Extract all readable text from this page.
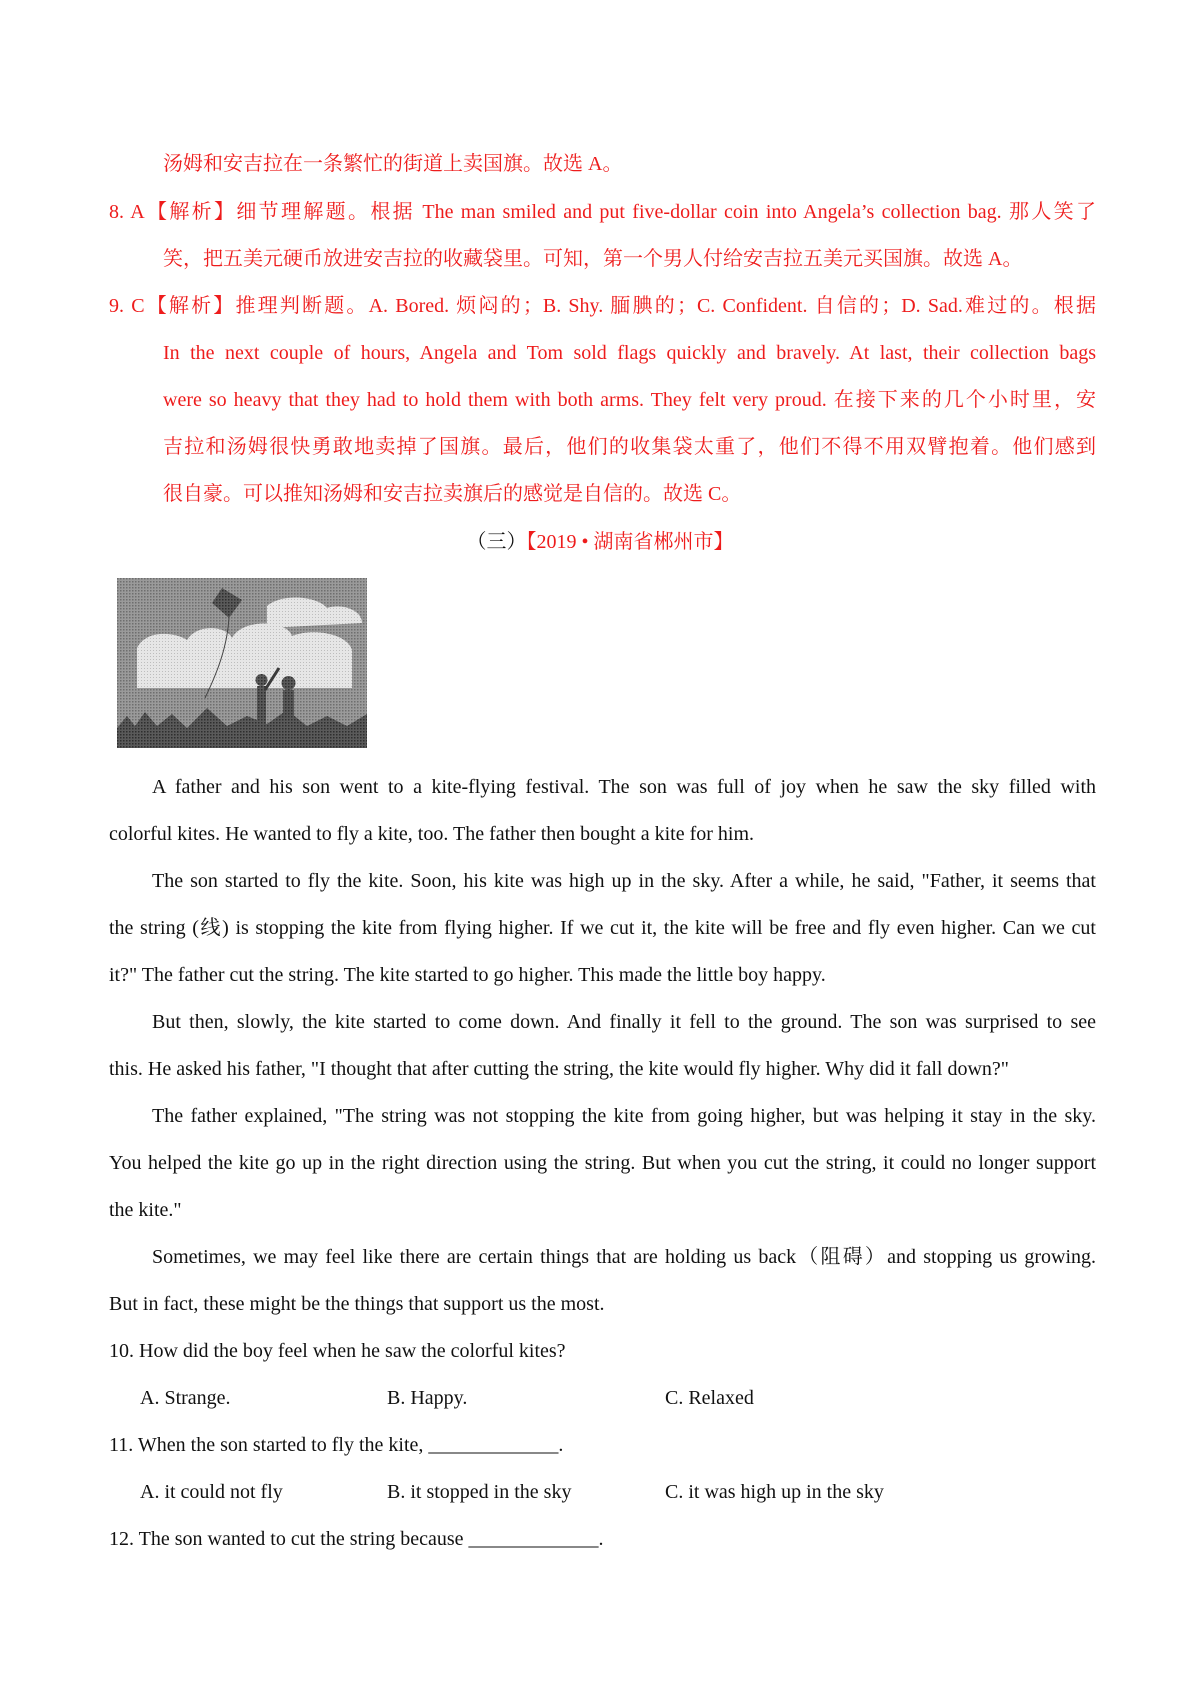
汤姆和安吉拉在一条繁忙的街道上卖国旗。故选 A。
8. A【解析】细节理解题。根据 The man smiled and put five-dollar coin into Angela’s collection bag. 那人笑了
笑，把五美元硬币放进安吉拉的收藏袋里。可知，第一个男人付给安吉拉五美元买国旗。故选 A。
9. C【解析】推理判断题。A. Bored. 烦闷的；B. Shy. 腼腆的；C. Confident. 自信的；D. Sad.难过的。根据
In the next couple of hours, Angela and Tom sold flags quickly and bravely. At last, their collection bags
were so heavy that they had to hold them with both arms. They felt very proud. 在接下来的几个小时里，安
吉拉和汤姆很快勇敢地卖掉了国旗。最后，他们的收集袋太重了，他们不得不用双臂抱着。他们感到
很自豪。可以推知汤姆和安吉拉卖旗后的感觉是自信的。故选 C。
（三）【2019 • 湖南省郴州市】
A father and his son went to a kite-flying festival. The son was full of joy when he saw the sky filled with
colorful kites. He wanted to fly a kite, too. The father then bought a kite for him.
The son started to fly the kite. Soon, his kite was high up in the sky. After a while, he said, "Father, it seems that
the string (线) is stopping the kite from flying higher. If we cut it, the kite will be free and fly even higher. Can we cut
it?" The father cut the string. The kite started to go higher. This made the little boy happy.
But then, slowly, the kite started to come down. And finally it fell to the ground. The son was surprised to see
this. He asked his father, "I thought that after cutting the string, the kite would fly higher. Why did it fall down?"
The father explained, "The string was not stopping the kite from going higher, but was helping it stay in the sky.
You helped the kite go up in the right direction using the string. But when you cut the string, it could no longer support
the kite."
Sometimes, we may feel like there are certain things that are holding us back（阻碍）and stopping us growing.
But in fact, these might be the things that support us the most.
10. How did the boy feel when he saw the colorful kites?
A. Strange.	B. Happy.	C. Relaxed
11. When the son started to fly the kite, _____________.
A. it could not fly	B. it stopped in the sky	C. it was high up in the sky
12. The son wanted to cut the string because _____________.
